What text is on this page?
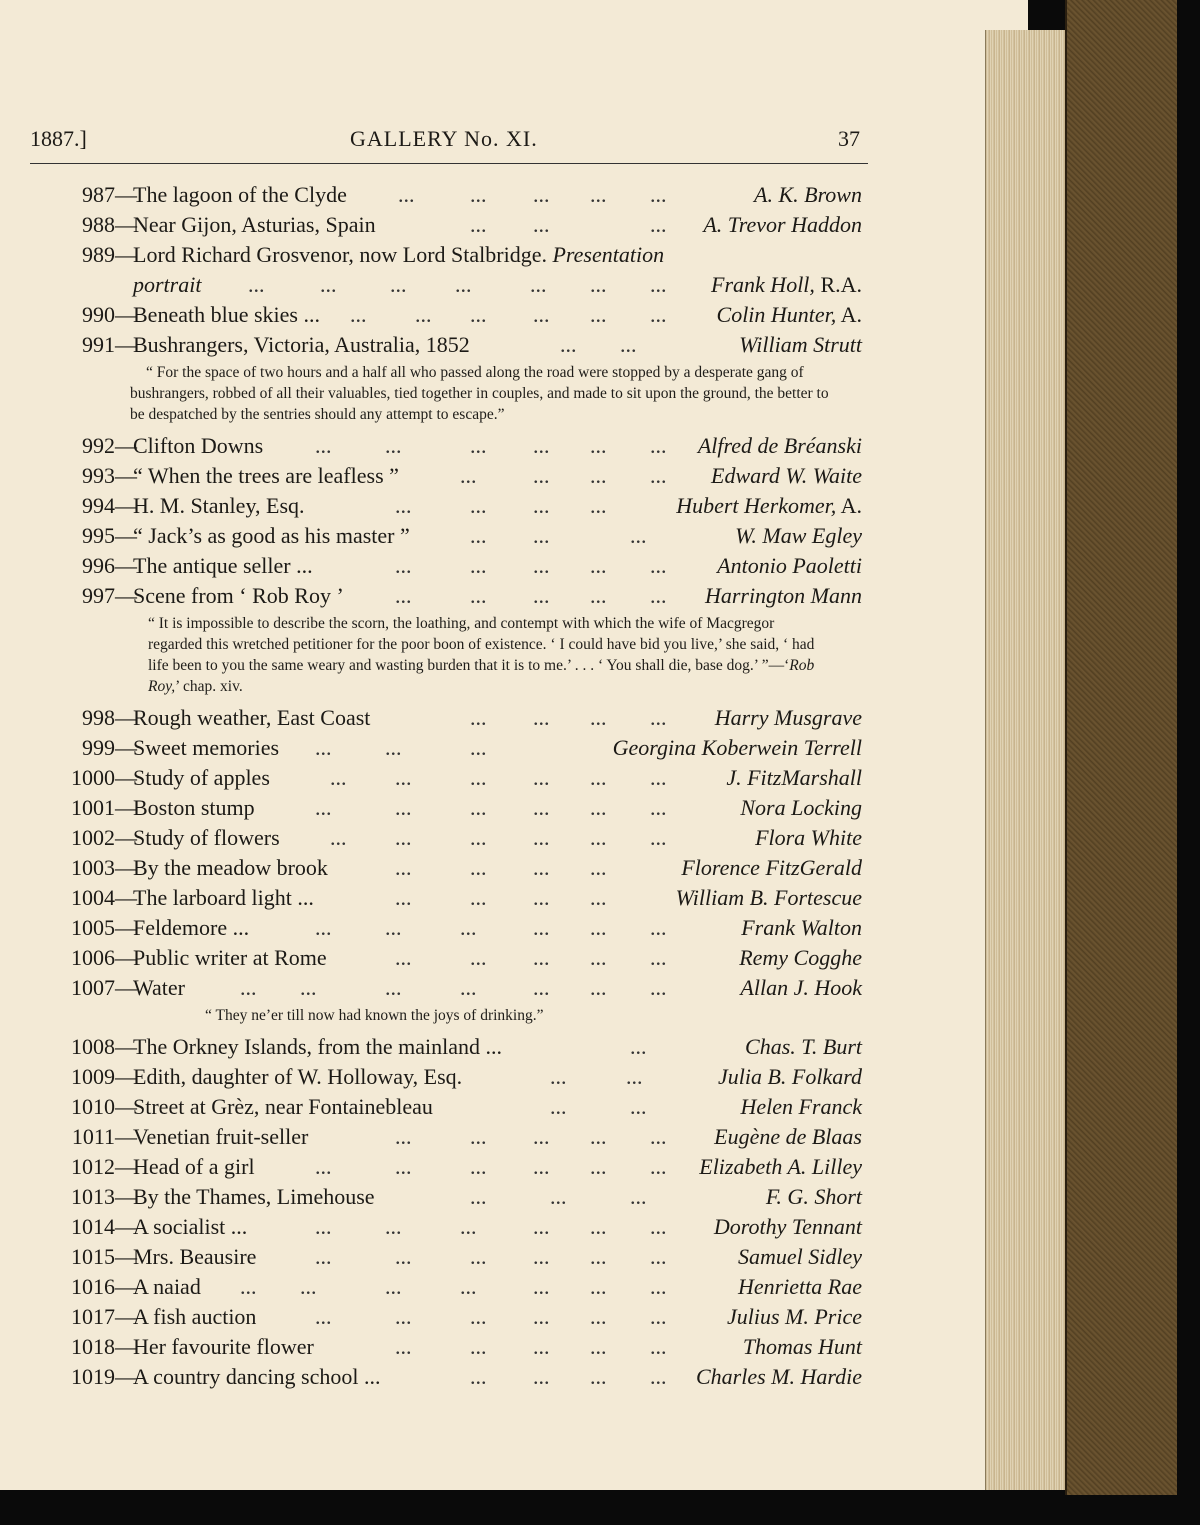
1887.]	GALLERY No. XI.	37
987 —
The lagoon of the Clyde ...	... ... ... ...	A. K. Brown
988 —
Near Gijon, Asturias, Spain	... ...	... A. Trevor Haddon
989 —
Lord Richard Grosvenor, now Lord Stalbridge. Presentation
portrait ...	... ... ...	... ... ... Frank Holl, R.A.
990 —
Beneath blue skies ... ... ... ... ... ... ... Colin Hunter, A.
991 —
Bushrangers, Victoria, Australia, 1852	... ...	William Strutt
“ For the space of two hours and a half all who passed along the road were stopped by a desperate gang of bushrangers, robbed of all their valuables, tied together in couples, and made to sit upon the ground, the better to be despatched by the sentries should any attempt to escape.”
992 —
Clifton Downs ... ...	... ... ... ... Alfred de Bréanski
993 —
“ When the trees are leafless ”	...	... ... ... Edward W. Waite
994 —
H. M. Stanley, Esq.	...	... ... ...	Hubert Herkomer, A.
995 —
“ Jack’s as good as his master ”	... ...	...	W. Maw Egley
996 —
The antique seller ...	...	... ... ... ... Antonio Paoletti
997 —
Scene from ‘ Rob Roy ’ ...	... ... ... ... Harrington Mann
“ It is impossible to describe the scorn, the loathing, and contempt with which the wife of Macgregor regarded this wretched petitioner for the poor boon of existence. ‘ I could have bid you live,’ she said, ‘ had life been to you the same weary and wasting burden that it is to me.’ . . . ‘ You shall die, base dog.’ ”—‘Rob Roy,’ chap. xiv.
998 —
Rough weather, East Coast	... ... ... ... Harry Musgrave
999 —
Sweet memories ... ...	...	Georgina Koberwein Terrell
1000 —
Study of apples	... ...	... ... ... ...	J. FitzMarshall
1001 —
Boston stump	...	...	... ... ... ...	Nora Locking
1002 —
Study of flowers ... ...	... ... ... ...	Flora White
1003 —
By the meadow brook	...	... ... ...	Florence FitzGerald
1004 —
The larboard light ...	...	... ... ...	William B. Fortescue
1005 —
Feldemore ...	... ...	...	... ... ...	Frank Walton
1006 —
Public writer at Rome	...	... ... ... ...	Remy Cogghe
1007 —
Water	... ...	...	...	... ... ...	Allan J. Hook
“ They ne’er till now had known the joys of drinking.”
1008 —
The Orkney Islands, from the mainland ...	...	Chas. T. Burt
1009 —
Edith, daughter of W. Holloway, Esq.	...	...	Julia B. Folkard
1010 —
Street at Grèz, near Fontainebleau	...	...	Helen Franck
1011 —
Venetian fruit-seller	...	... ... ... ... Eugène de Blaas
1012 —
Head of a girl	...	...	... ... ... ... Elizabeth A. Lilley
1013 —
By the Thames, Limehouse	...	...	...	F. G. Short
1014 —
A socialist ...	... ...	...	... ... ... Dorothy Tennant
1015 —
Mrs. Beausire	...	...	... ... ... ...	Samuel Sidley
1016 —
A naiad ... ...	...	...	... ... ...	Henrietta Rae
1017 —
A fish auction	...	...	... ... ... ...	Julius M. Price
1018 —
Her favourite flower	...	... ... ... ...	Thomas Hunt
1019 —
A country dancing school ...	... ... ... ... Charles M. Hardie
